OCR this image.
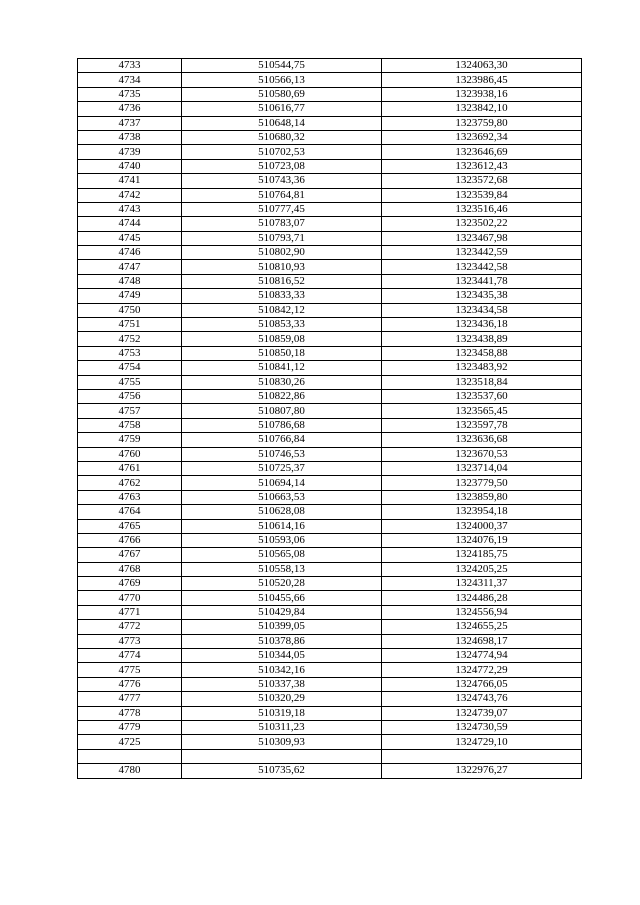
4733	510544,75	1324063,30
4734	510566,13	1323986,45
4735	510580,69	1323938,16
4736	510616,77	1323842,10
4737	510648,14	1323759,80
4738	510680,32	1323692,34
4739	510702,53	1323646,69
4740	510723,08	1323612,43
4741	510743,36	1323572,68
4742	510764,81	1323539,84
4743	510777,45	1323516,46
4744	510783,07	1323502,22
4745	510793,71	1323467,98
4746	510802,90	1323442,59
4747	510810,93	1323442,58
4748	510816,52	1323441,78
4749	510833,33	1323435,38
4750	510842,12	1323434,58
4751	510853,33	1323436,18
4752	510859,08	1323438,89
4753	510850,18	1323458,88
4754	510841,12	1323483,92
4755	510830,26	1323518,84
4756	510822,86	1323537,60
4757	510807,80	1323565,45
4758	510786,68	1323597,78
4759	510766,84	1323636,68
4760	510746,53	1323670,53
4761	510725,37	1323714,04
4762	510694,14	1323779,50
4763	510663,53	1323859,80
4764	510628,08	1323954,18
4765	510614,16	1324000,37
4766	510593,06	1324076,19
4767	510565,08	1324185,75
4768	510558,13	1324205,25
4769	510520,28	1324311,37
4770	510455,66	1324486,28
4771	510429,84	1324556,94
4772	510399,05	1324655,25
4773	510378,86	1324698,17
4774	510344,05	1324774,94
4775	510342,16	1324772,29
4776	510337,38	1324766,05
4777	510320,29	1324743,76
4778	510319,18	1324739,07
4779	510311,23	1324730,59
4725	510309,93	1324729,10

4780	510735,62	1322976,27
